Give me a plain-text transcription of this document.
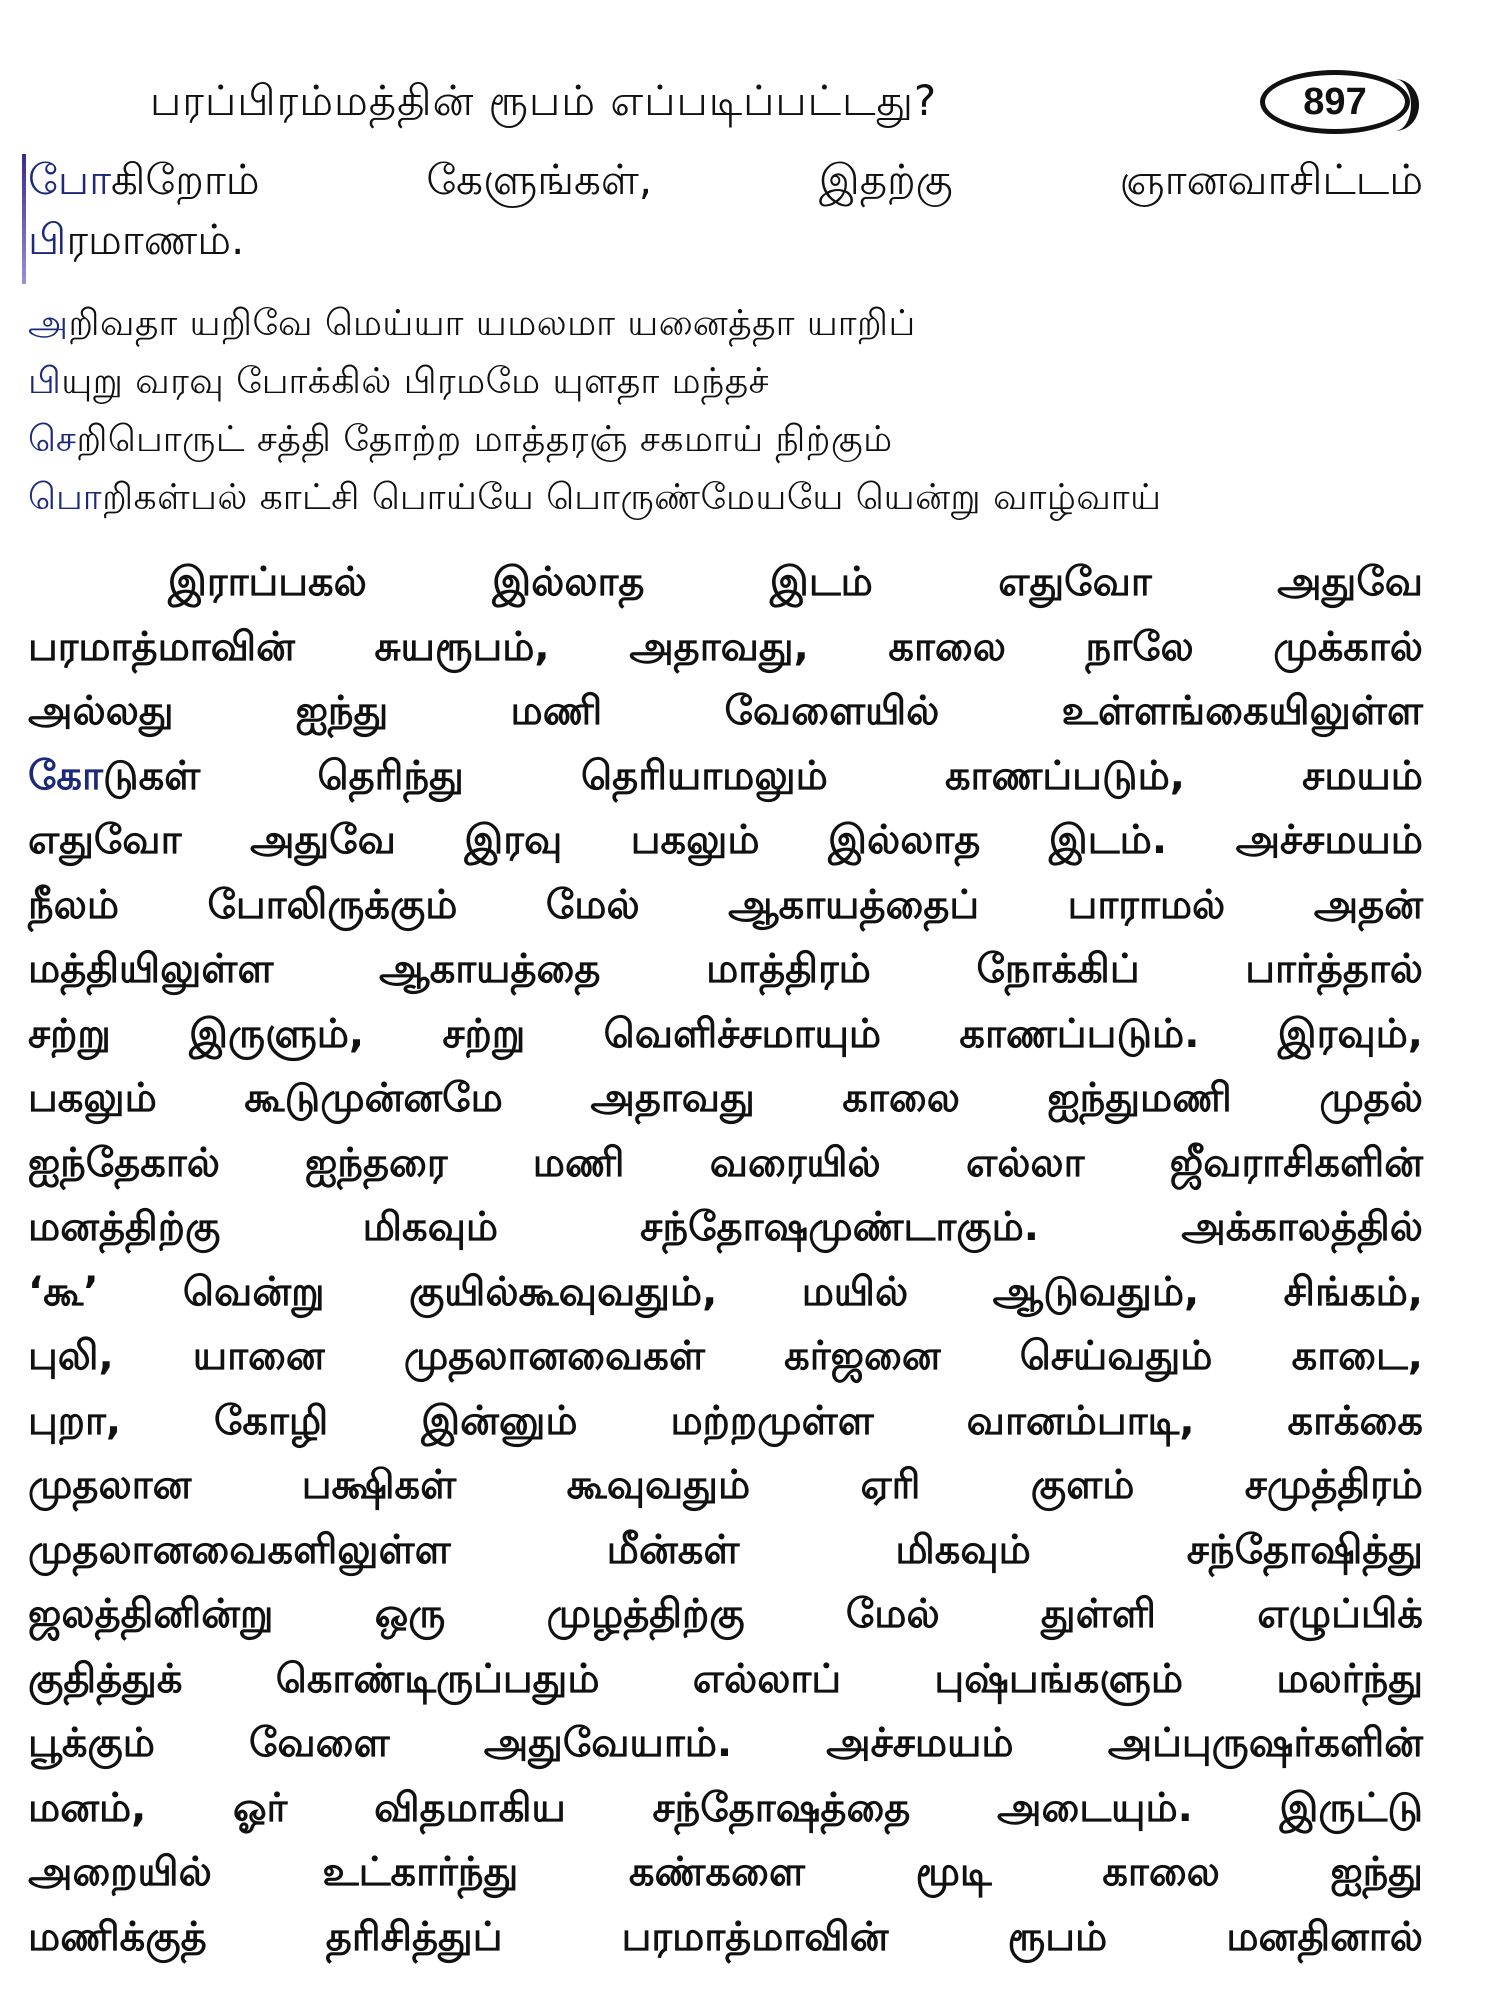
பரப்பிரம்மத்தின் ரூபம் எப்படிப்பட்டது?	897
போகிறோம் கேளுங்கள், இதற்கு ஞானவாசிட்டம்
பிரமாணம்.
அறிவதா யறிவே மெய்யா யமலமா யனைத்தா யாறிப்
பியுறு வரவு போக்கில் பிரமமே யுளதா மந்தச்
செறிபொருட் சத்தி தோற்ற மாத்தரஞ் சகமாய் நிற்கும்
பொறிகள்பல் காட்சி பொய்யே பொருண்மேயயே யென்று வாழ்வாய்
இராப்பகல் இல்லாத இடம் எதுவோ அதுவே
பரமாத்மாவின் சுயரூபம், அதாவது, காலை நாலே முக்கால்
அல்லது ஐந்து மணி வேளையில் உள்ளங்கையிலுள்ள
கோடுகள் தெரிந்து தெரியாமலும் காணப்படும், சமயம்
எதுவோ அதுவே இரவு பகலும் இல்லாத இடம். அச்சமயம்
நீலம் போலிருக்கும் மேல் ஆகாயத்தைப் பாராமல் அதன்
மத்தியிலுள்ள ஆகாயத்தை மாத்திரம் நோக்கிப் பார்த்தால்
சற்று இருளும், சற்று வெளிச்சமாயும் காணப்படும். இரவும்,
பகலும் கூடுமுன்னமே அதாவது காலை ஐந்துமணி முதல்
ஐந்தேகால் ஐந்தரை மணி வரையில் எல்லா ஜீவராசிகளின்
மனத்திற்கு மிகவும் சந்தோஷமுண்டாகும். அக்காலத்தில்
‘கூ’ வென்று குயில்கூவுவதும், மயில் ஆடுவதும், சிங்கம்,
புலி, யானை முதலானவைகள் கர்ஜனை செய்வதும் காடை,
புறா, கோழி இன்னும் மற்றமுள்ள வானம்பாடி, காக்கை
முதலான பக்ஷிகள் கூவுவதும் ஏரி குளம் சமுத்திரம்
முதலானவைகளிலுள்ள மீன்கள் மிகவும் சந்தோஷித்து
ஜலத்தினின்று ஒரு முழத்திற்கு மேல் துள்ளி எழுப்பிக்
குதித்துக் கொண்டிருப்பதும் எல்லாப் புஷ்பங்களும் மலர்ந்து
பூக்கும் வேளை அதுவேயாம். அச்சமயம் அப்புருஷர்களின்
மனம், ஓர் விதமாகிய சந்தோஷத்தை அடையும். இருட்டு
அறையில் உட்கார்ந்து கண்களை மூடி காலை ஐந்து
மணிக்குத் தரிசித்துப் பரமாத்மாவின் ரூபம் மனதினால்
